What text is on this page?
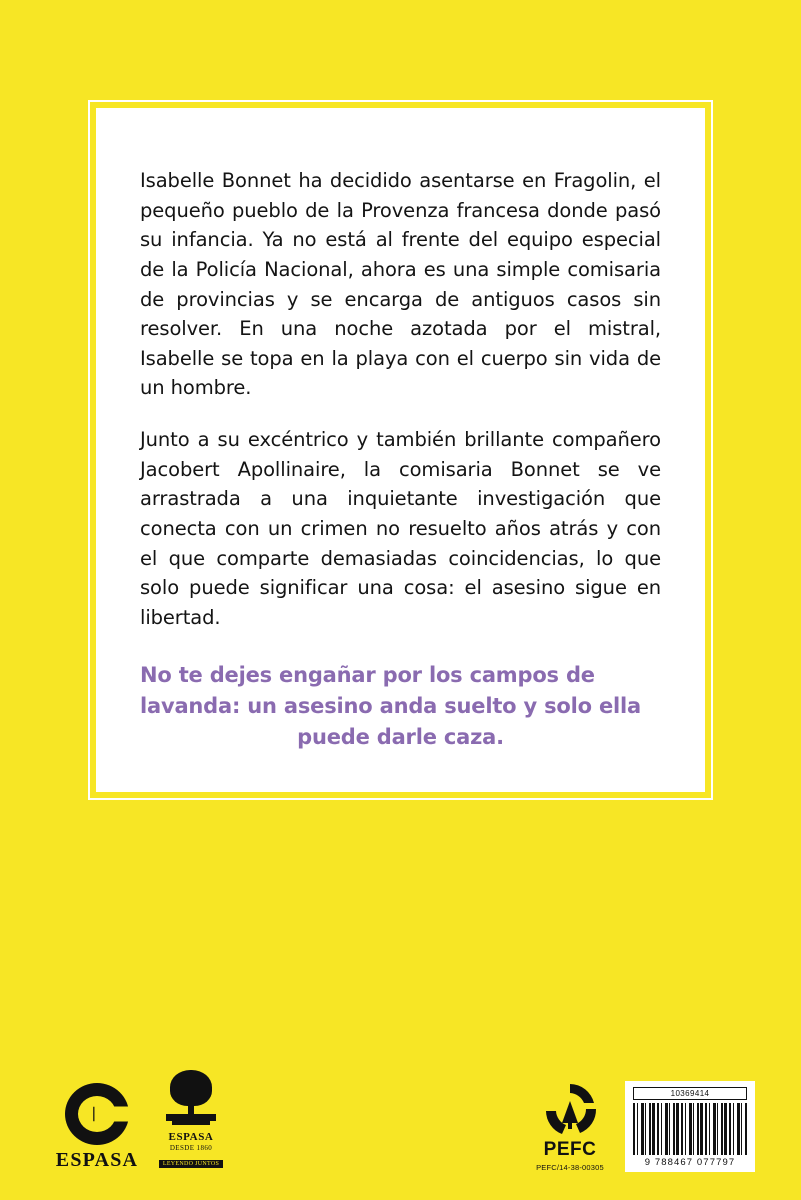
Isabelle Bonnet ha decidido asentarse en Fragolin, el pequeño pueblo de la Provenza francesa donde pasó su infancia. Ya no está al frente del equipo especial de la Policía Nacional, ahora es una simple comisaria de provincias y se encarga de antiguos casos sin resolver. En una noche azotada por el mistral, Isabelle se topa en la playa con el cuerpo sin vida de un hombre.

Junto a su excéntrico y también brillante compañero Jacobert Apollinaire, la comisaria Bonnet se ve arrastrada a una inquietante investigación que conecta con un crimen no resuelto años atrás y con el que comparte demasiadas coincidencias, lo que solo puede significar una cosa: el asesino sigue en libertad.

No te dejes engañar por los campos de
lavanda: un asesino anda suelto y solo ella
puede darle caza.

ESPASA
ESPASA
DESDE 1860
LEYENDO JUNTOS
PEFC
PEFC/14-38-00305
10369414
9 788467 077797
